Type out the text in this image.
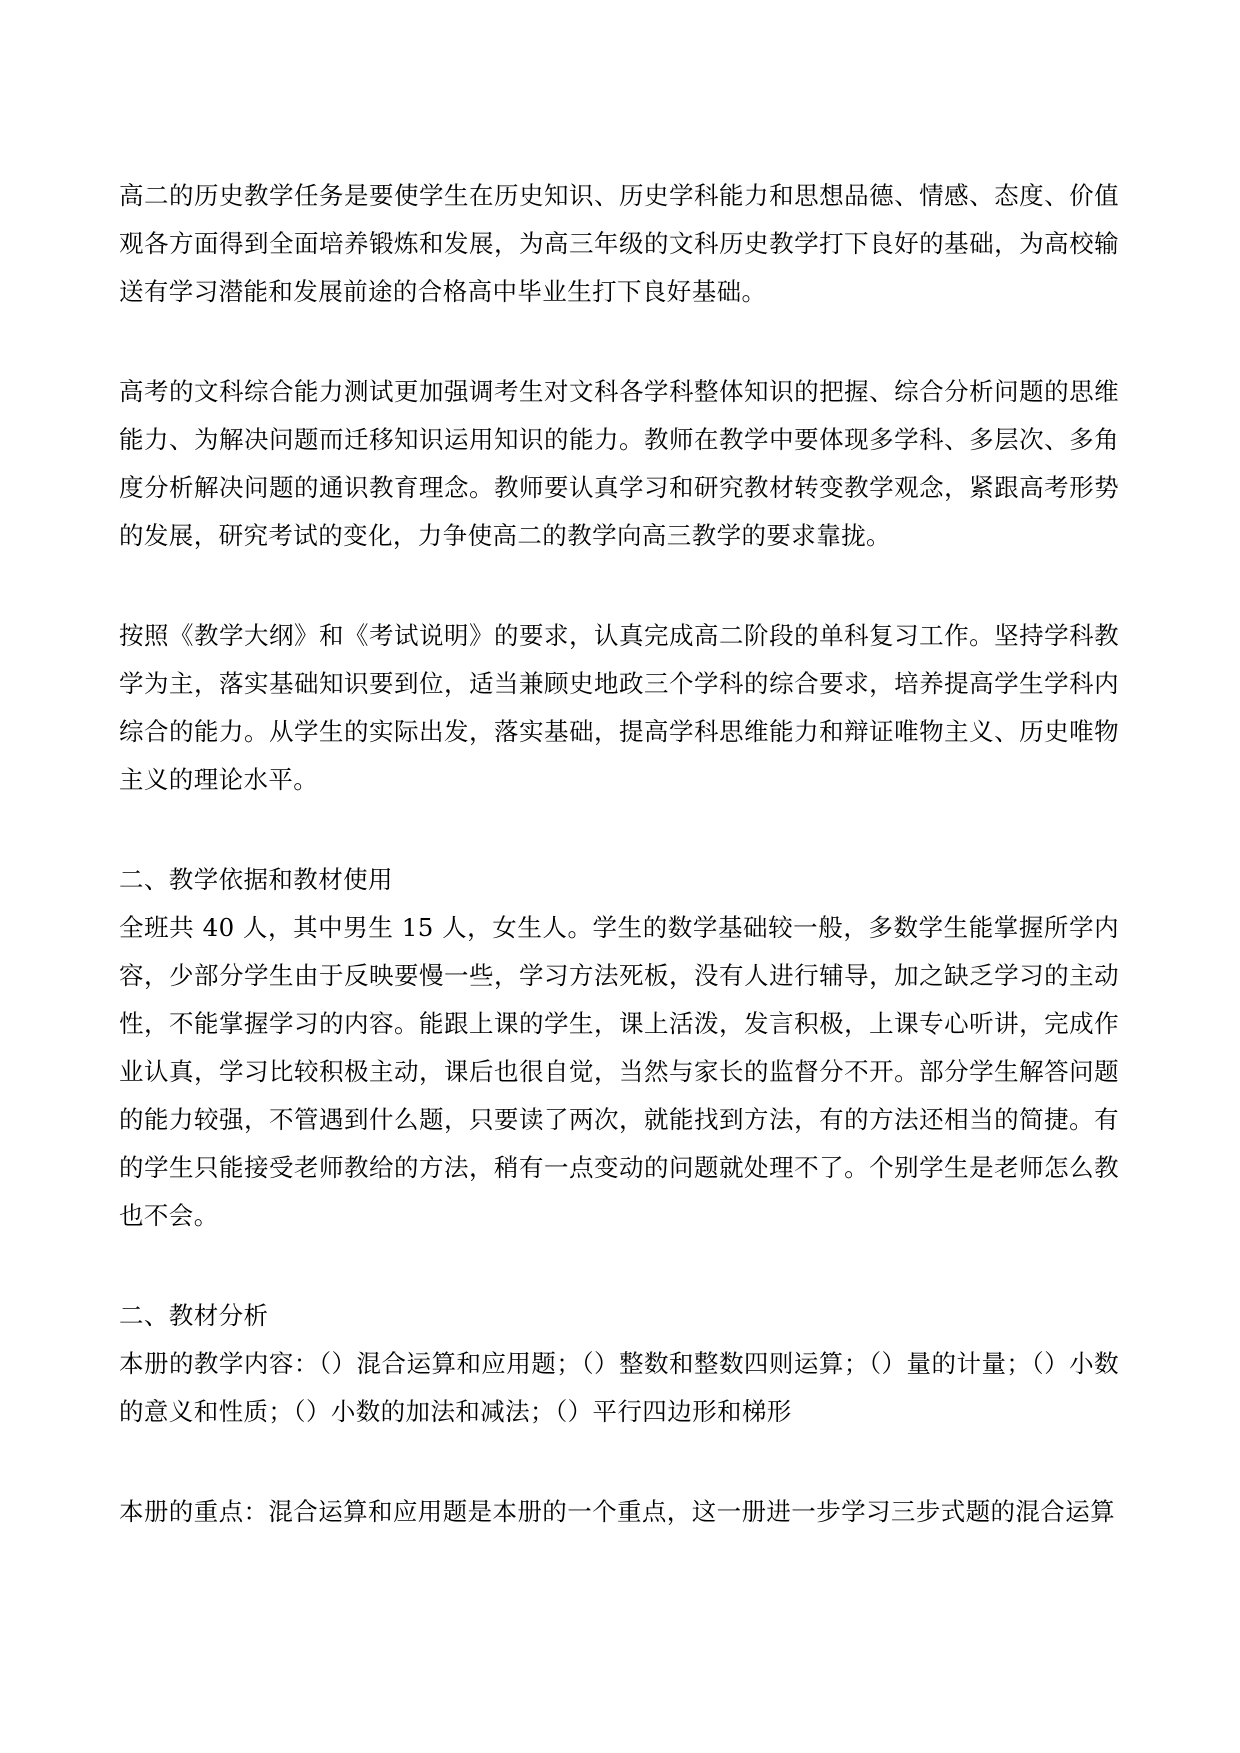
高二的历史教学任务是要使学生在历史知识、历史学科能力和思想品德、情感、态度、价值观各方面得到全面培养锻炼和发展，为高三年级的文科历史教学打下良好的基础，为高校输送有学习潜能和发展前途的合格高中毕业生打下良好基础。

高考的文科综合能力测试更加强调考生对文科各学科整体知识的把握、综合分析问题的思维能力、为解决问题而迁移知识运用知识的能力。教师在教学中要体现多学科、多层次、多角度分析解决问题的通识教育理念。教师要认真学习和研究教材转变教学观念，紧跟高考形势的发展，研究考试的变化，力争使高二的教学向高三教学的要求靠拢。

按照《教学大纲》和《考试说明》的要求，认真完成高二阶段的单科复习工作。坚持学科教学为主，落实基础知识要到位，适当兼顾史地政三个学科的综合要求，培养提高学生学科内综合的能力。从学生的实际出发，落实基础，提高学科思维能力和辩证唯物主义、历史唯物主义的理论水平。

二、教学依据和教材使用

全班共 40 人，其中男生 15 人，女生人。学生的数学基础较一般，多数学生能掌握所学内容，少部分学生由于反映要慢一些，学习方法死板，没有人进行辅导，加之缺乏学习的主动性，不能掌握学习的内容。能跟上课的学生，课上活泼，发言积极，上课专心听讲，完成作业认真，学习比较积极主动，课后也很自觉，当然与家长的监督分不开。部分学生解答问题的能力较强，不管遇到什么题，只要读了两次，就能找到方法，有的方法还相当的简捷。有的学生只能接受老师教给的方法，稍有一点变动的问题就处理不了。个别学生是老师怎么教也不会。

二、教材分析

本册的教学内容：（）混合运算和应用题；（）整数和整数四则运算；（）量的计量；（）小数的意义和性质；（）小数的加法和减法；（）平行四边形和梯形

本册的重点：混合运算和应用题是本册的一个重点，这一册进一步学习三步式题的混合运算
